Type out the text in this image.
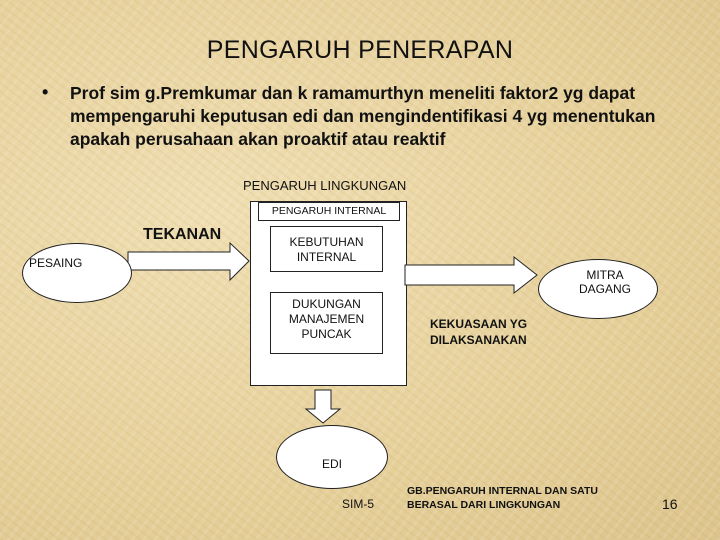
PENGARUH PENERAPAN
• Prof sim g.Premkumar dan k ramamurthyn meneliti faktor2 yg dapat mempengaruhi keputusan edi dan mengindentifikasi 4 yg menentukan apakah perusahaan akan proaktif atau reaktif
PENGARUH LINGKUNGAN
PENGARUH INTERNAL
KEBUTUHAN INTERNAL
DUKUNGAN MANAJEMEN PUNCAK
TEKANAN
PESAING
MITRA DAGANG
EDI
KEKUASAAN YG DILAKSANAKAN
SIM-5
GB.PENGARUH INTERNAL DAN SATU BERASAL DARI LINGKUNGAN	16
